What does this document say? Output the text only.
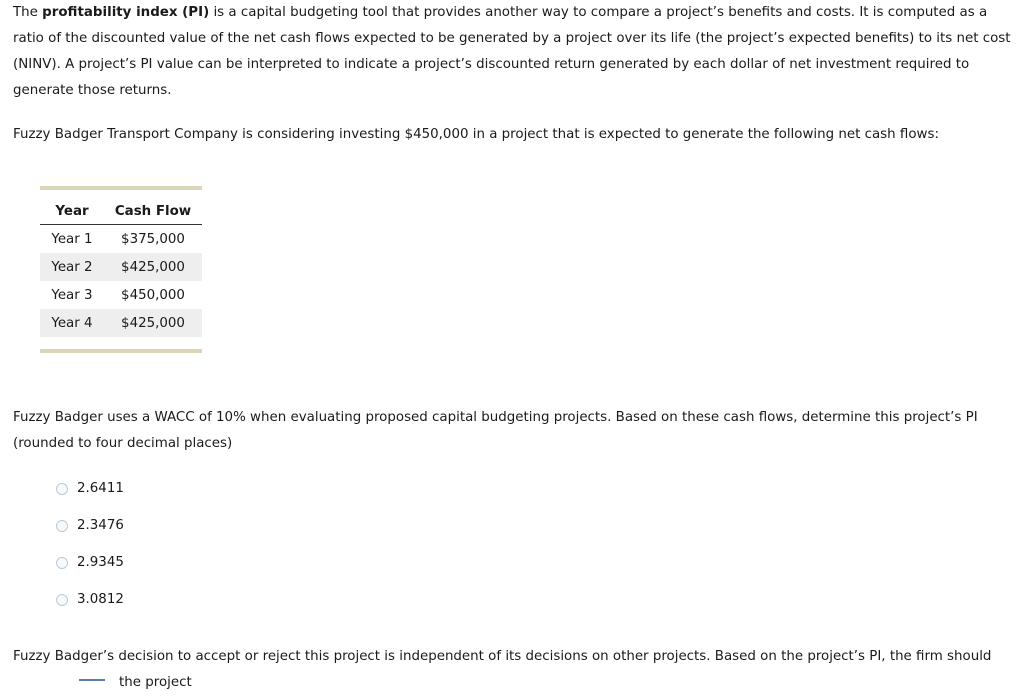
The profitability index (PI) is a capital budgeting tool that provides another way to compare a project’s benefits and costs. It is computed as a ratio of the discounted value of the net cash flows expected to be generated by a project over its life (the project’s expected benefits) to its net cost (NINV). A project’s PI value can be interpreted to indicate a project’s discounted return generated by each dollar of net investment required to generate those returns.

Fuzzy Badger Transport Company is considering investing $450,000 in a project that is expected to generate the following net cash flows:

Year	Cash Flow
Year 1	$375,000
Year 2	$425,000
Year 3	$450,000
Year 4	$425,000

Fuzzy Badger uses a WACC of 10% when evaluating proposed capital budgeting projects. Based on these cash flows, determine this project’s PI (rounded to four decimal places)

2.6411
2.3476
2.9345
3.0812

Fuzzy Badger’s decision to accept or reject this project is independent of its decisions on other projects. Based on the project’s PI, the firm should

the project
